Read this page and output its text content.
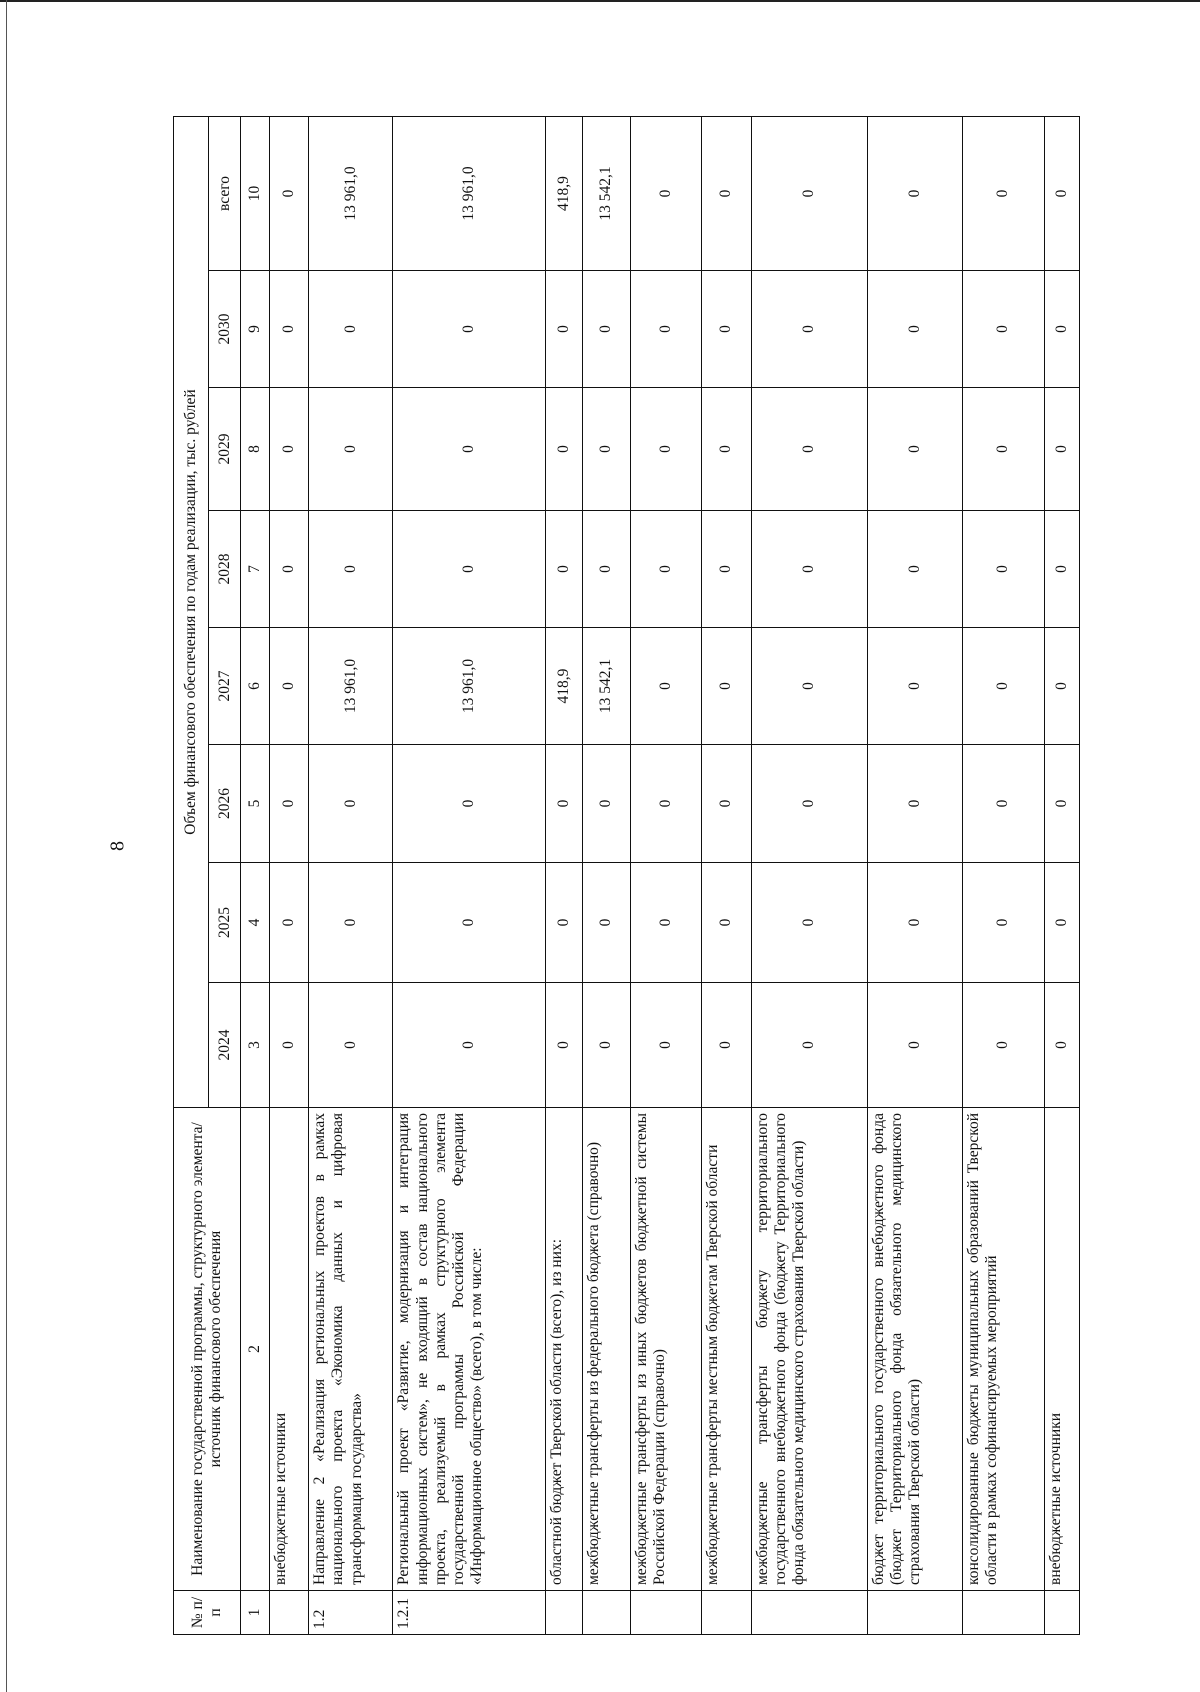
8
№ п/п	Наименование государственной программы, структурного элемента/источник финансового обеспечения	Объем финансового обеспечения по годам реализации, тыс. рублей							
		2024	2025	2026	2027	2028	2029	2030	всего
1	2	3	4	5	6	7	8	9	10
	внебюджетные источники	0	0	0	0	0	0	0	0
1.2	Направление 2 «Реализация региональных проектов в рамках национального проекта «Экономика данных и цифровая трансформация государства»	0	0	0	13 961,0	0	0	0	13 961,0
1.2.1	Региональный проект «Развитие, модернизация и интеграция информационных систем», не входящий в состав национального проекта, реализуемый в рамках структурного элемента государственной программы Российской Федерации «Информационное общество» (всего), в том числе:	0	0	0	13 961,0	0	0	0	13 961,0
	областной бюджет Тверской области (всего), из них:	0	0	0	418,9	0	0	0	418,9
	межбюджетные трансферты из федерального бюджета (справочно)	0	0	0	13 542,1	0	0	0	13 542,1
	межбюджетные трансферты из иных бюджетов бюджетной системы Российской Федерации (справочно)	0	0	0	0	0	0	0	0
	межбюджетные трансферты местным бюджетам Тверской области	0	0	0	0	0	0	0	0
	межбюджетные трансферты бюджету территориального государственного внебюджетного фонда (бюджету Территориального фонда обязательного медицинского страхования Тверской области)	0	0	0	0	0	0	0	0
	бюджет территориального государственного внебюджетного фонда (бюджет Территориального фонда обязательного медицинского страхования Тверской области)	0	0	0	0	0	0	0	0
	консолидированные бюджеты муниципальных образований Тверской области в рамках софинансируемых мероприятий	0	0	0	0	0	0	0	0
	внебюджетные источники	0	0	0	0	0	0	0	0
